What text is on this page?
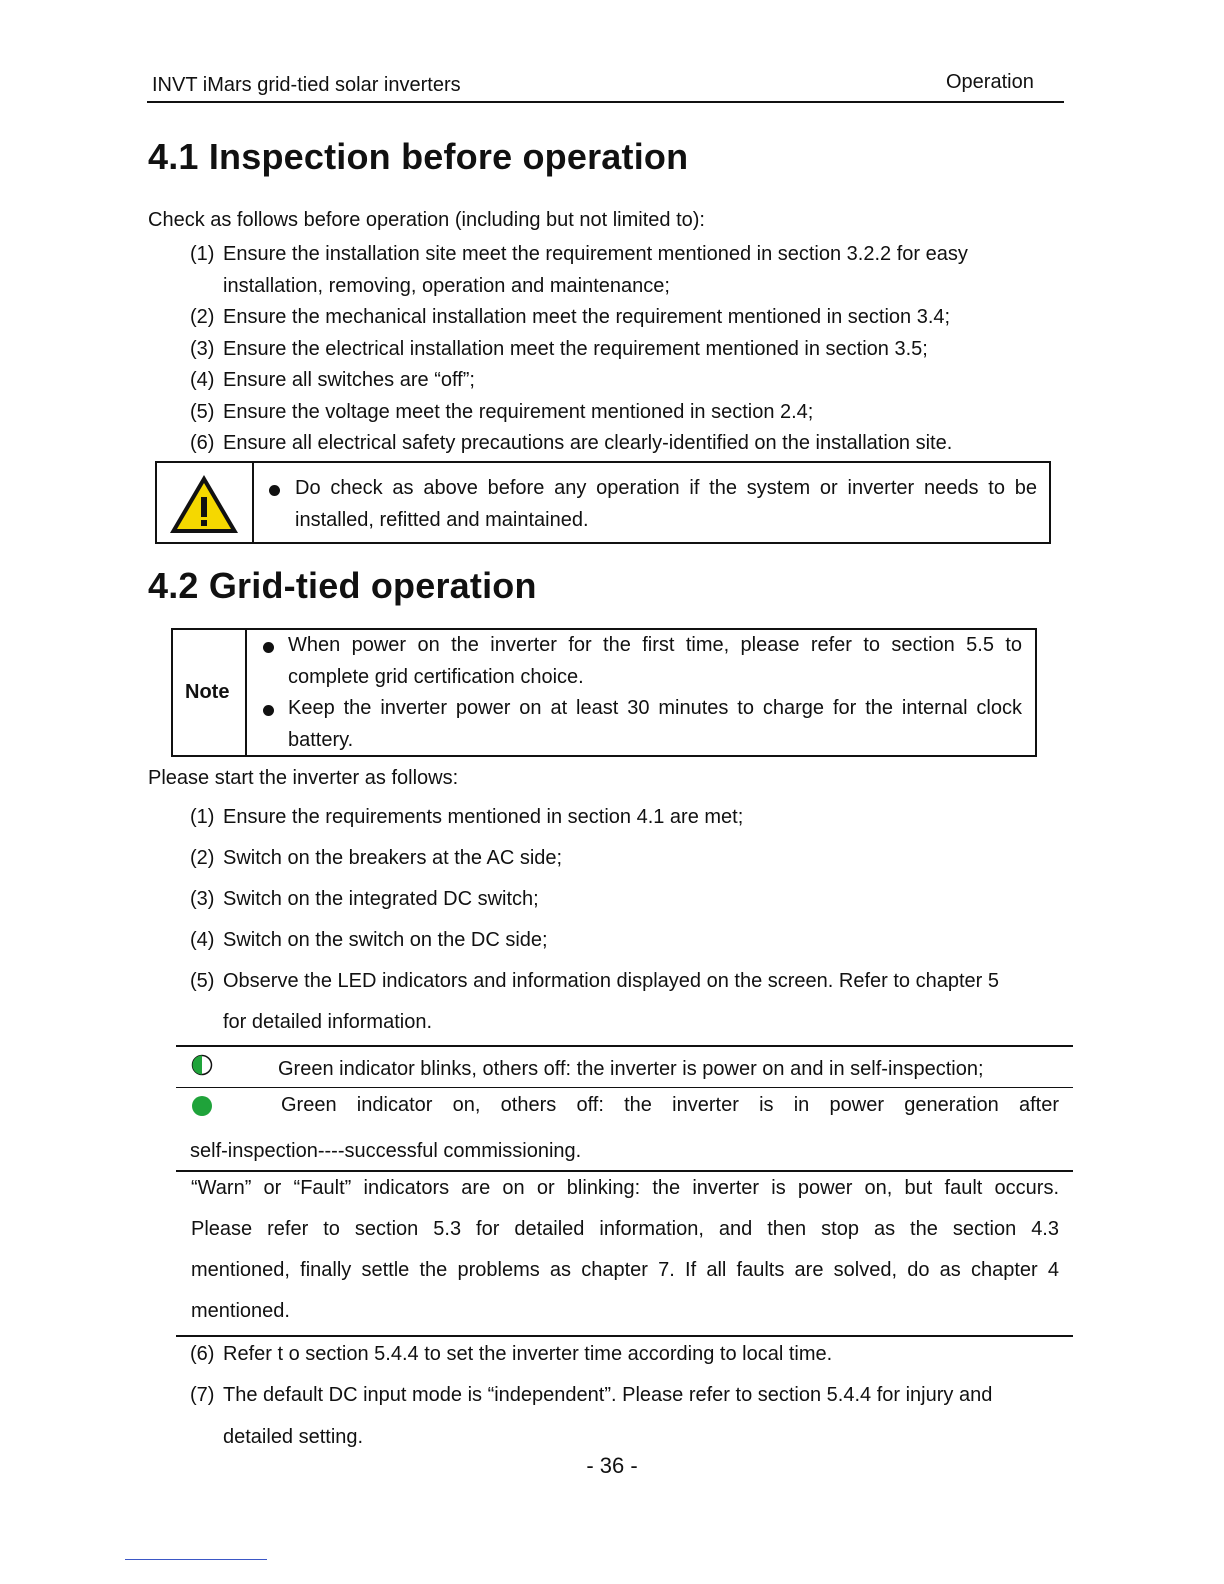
INVT iMars grid-tied solar inverters	Operation
4.1 Inspection before operation
Check as follows before operation (including but not limited to):
(1) Ensure the installation site meet the requirement mentioned in section 3.2.2 for easy
installation, removing, operation and maintenance;
(2) Ensure the mechanical installation meet the requirement mentioned in section 3.4;
(3) Ensure the electrical installation meet the requirement mentioned in section 3.5;
(4) Ensure all switches are “off”;
(5) Ensure the voltage meet the requirement mentioned in section 2.4;
(6) Ensure all electrical safety precautions are clearly-identified on the installation site.
Do check as above before any operation if the system or inverter needs to be
installed, refitted and maintained.
4.2 Grid-tied operation
Note
When power on the inverter for the first time, please refer to section 5.5 to
complete grid certification choice.
Keep the inverter power on at least 30 minutes to charge for the internal clock
battery.
Please start the inverter as follows:
(1) Ensure the requirements mentioned in section 4.1 are met;
(2) Switch on the breakers at the AC side;
(3) Switch on the integrated DC switch;
(4) Switch on the switch on the DC side;
(5) Observe the LED indicators and information displayed on the screen. Refer to chapter 5
for detailed information.
Green indicator blinks, others off: the inverter is power on and in self-inspection;
Green indicator on, others off: the inverter is in power generation after
self-inspection----successful commissioning.
“Warn” or “Fault” indicators are on or blinking: the inverter is power on, but fault occurs.
Please refer to section 5.3 for detailed information, and then stop as the section 4.3
mentioned, finally settle the problems as chapter 7. If all faults are solved, do as chapter 4
mentioned.
(6) Refer t o section 5.4.4 to set the inverter time according to local time.
(7) The default DC input mode is “independent”. Please refer to section 5.4.4 for injury and
detailed setting.
- 36 -
